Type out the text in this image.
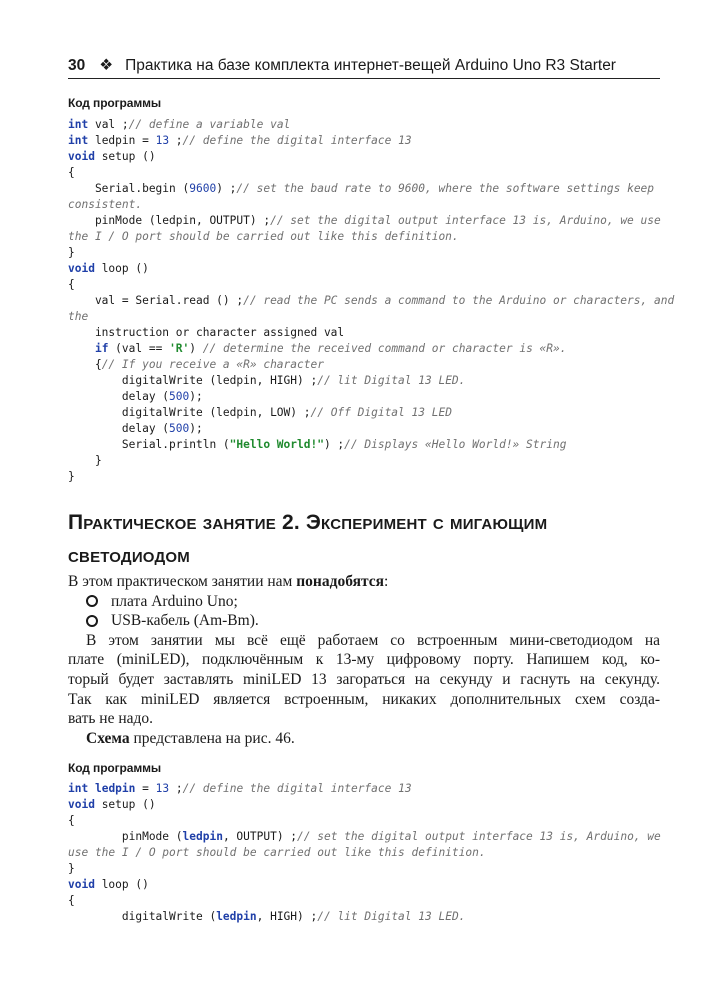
30 ❖ Практика на базе комплекта интернет-вещей Arduino Uno R3 Starter
Код программы
int val ;// define a variable val
int ledpin = 13 ;// define the digital interface 13
void setup ()
{
Serial.begin (9600) ;// set the baud rate to 9600, where the software settings keep
consistent.
pinMode (ledpin, OUTPUT) ;// set the digital output interface 13 is, Arduino, we use
the I / O port should be carried out like this definition.
}
void loop ()
{
val = Serial.read () ;// read the PC sends a command to the Arduino or characters, and
the
instruction or character assigned val
if (val == 'R') // determine the received command or character is «R».
{// If you receive a «R» character
digitalWrite (ledpin, HIGH) ;// lit Digital 13 LED.
delay (500);
digitalWrite (ledpin, LOW) ;// Off Digital 13 LED
delay (500);
Serial.println ("Hello World!") ;// Displays «Hello World!» String
}
}
Практическое занятие 2. Эксперимент с мигающим
светодиодом

В этом практическом занятии нам понадобятся:

плата Arduino Uno;
USB-кабель (Am-Bm).
В этом занятии мы всё ещё работаем со встроенным мини-светодиодом на
плате (miniLED), подключённым к 13-му цифровому порту. Напишем код, ко-
торый будет заставлять miniLED 13 загораться на секунду и гаснуть на секунду.
Так как miniLED является встроенным, никаких дополнительных схем созда-
вать не надо.

Схема представлена на рис. 46.

Код программы
int ledpin = 13 ;// define the digital interface 13
void setup ()
{
pinMode (ledpin, OUTPUT) ;// set the digital output interface 13 is, Arduino, we
use the I / O port should be carried out like this definition.
}
void loop ()
{
digitalWrite (ledpin, HIGH) ;// lit Digital 13 LED.
